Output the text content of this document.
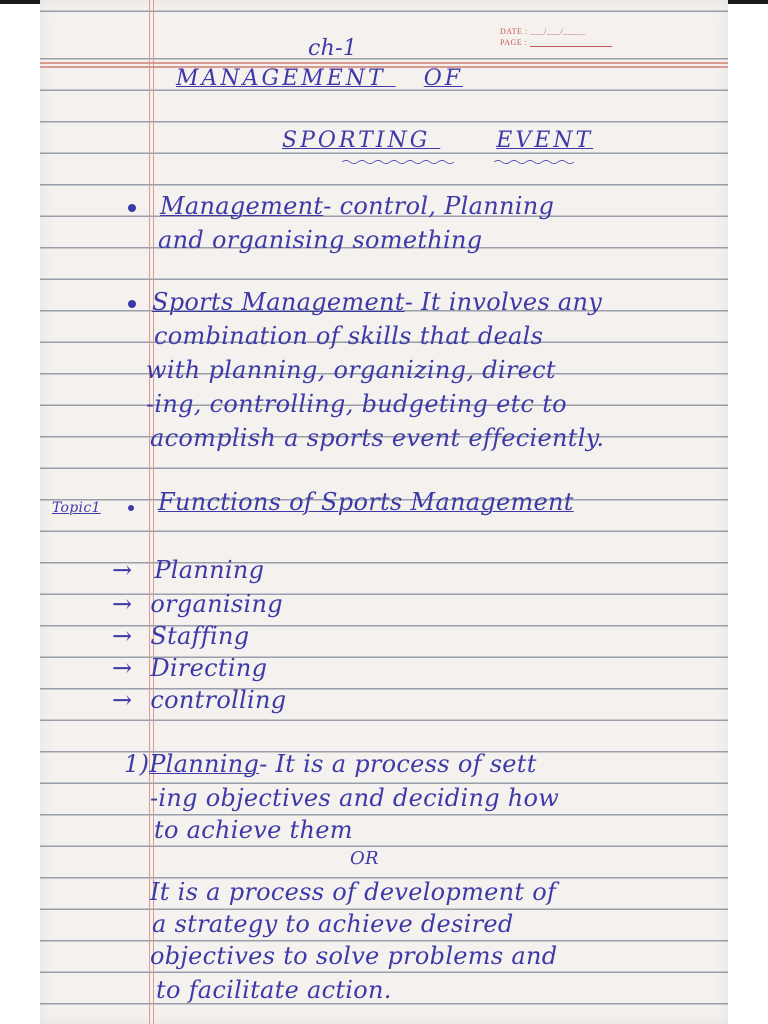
DATE : ___/___/_____
PAGE :
ch-1
MANAGEMENT OF
SPORTING	EVENT
Management- control, Planning
and organising something
Sports Management- It involves any
combination of skills that deals
with planning, organizing, direct
-ing, controlling, budgeting etc to
acomplish a sports event effeciently.
Topic1 Functions of Sports Management
→ Planning
→ organising
→ Staffing
→ Directing
→ controlling
1)Planning- It is a process of sett
-ing objectives and deciding how
to achieve them
OR
It is a process of development of
a strategy to achieve desired
objectives to solve problems and
to facilitate action.
